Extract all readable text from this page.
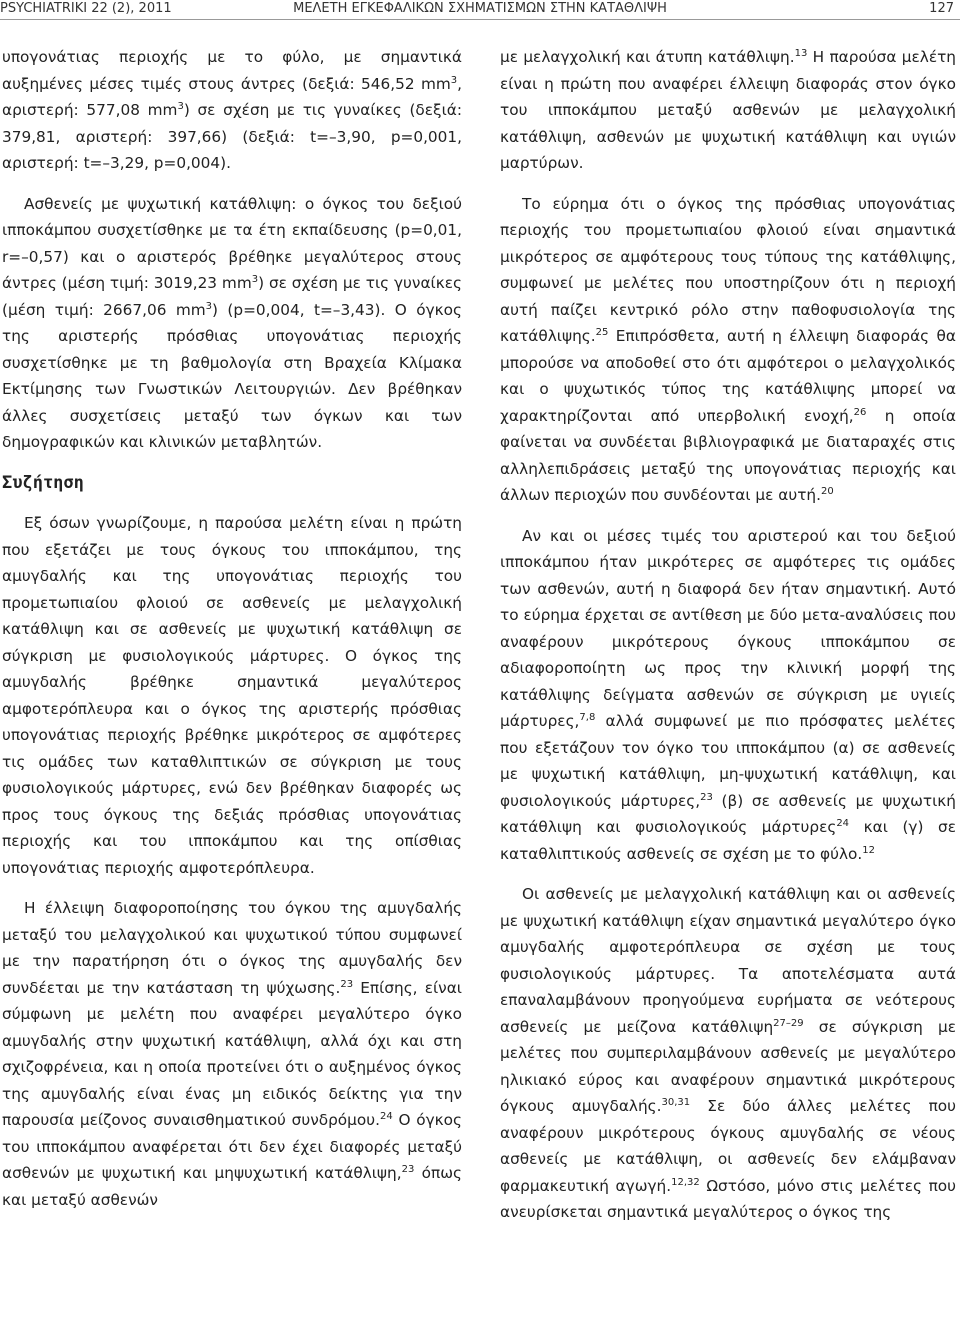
PSYCHIATRIKI 22 (2), 2011	ΜΕΛΕΤΗ ΕΓΚΕΦΑΛΙΚΩΝ ΣΧΗΜΑΤΙΣΜΩΝ ΣΤΗΝ ΚΑΤΑΘΛΙΨΗ	127

υπογονάτιας περιοχής με το φύλο, με σημαντικά αυξημένες μέσες τιμές στους άντρες (δεξιά: 546,52 $mm^3$, αριστερή: 577,08 $mm^3$) σε σχέση με τις γυναίκες (δεξιά: 379,81, αριστερή: 397,66) (δεξιά: t=–3,90, p=0,001, αριστερή: t=–3,29, p=0,004).

Ασθενείς με ψυχωτική κατάθλιψη: ο όγκος του δεξιού ιπποκάμπου συσχετίσθηκε με τα έτη εκπαίδευσης (p=0,01, r=–0,57) και ο αριστερός βρέθηκε μεγαλύτερος στους άντρες (μέση τιμή: 3019,23 $mm^3$) σε σχέση με τις γυναίκες (μέση τιμή: 2667,06 $mm^3$) (p=0,004, t=–3,43). Ο όγκος της αριστερής πρόσθιας υπογονάτιας περιοχής συσχετίσθηκε με τη βαθμολογία στη Βραχεία Κλίμακα Εκτίμησης των Γνωστικών Λειτουργιών. Δεν βρέθηκαν άλλες συσχετίσεις μεταξύ των όγκων και των δημογραφικών και κλινικών μεταβλητών.

Συζήτηση

Εξ όσων γνωρίζουμε, η παρούσα μελέτη είναι η πρώτη που εξετάζει με τους όγκους του ιπποκάμπου, της αμυγδαλής και της υπογονάτιας περιοχής του προμετωπιαίου φλοιού σε ασθενείς με μελαγχολική κατάθλιψη και σε ασθενείς με ψυχωτική κατάθλιψη σε σύγκριση με φυσιολογικούς μάρτυρες. Ο όγκος της αμυγδαλής βρέθηκε σημαντικά μεγαλύτερος αμφοτερόπλευρα και ο όγκος της αριστερής πρόσθιας υπογονάτιας περιοχής βρέθηκε μικρότερος σε αμφότερες τις ομάδες των καταθλιπτικών σε σύγκριση με τους φυσιολογικούς μάρτυρες, ενώ δεν βρέθηκαν διαφορές ως προς τους όγκους της δεξιάς πρόσθιας υπογονάτιας περιοχής και του ιπποκάμπου και της οπίσθιας υπογονάτιας περιοχής αμφοτερόπλευρα.

Η έλλειψη διαφοροποίησης του όγκου της αμυγδαλής μεταξύ του μελαγχολικού και ψυχωτικού τύπου συμφωνεί με την παρατήρηση ότι ο όγκος της αμυγδαλής δεν συνδέεται με την κατάσταση τη ψύχωσης.$^{23}$ Επίσης, είναι σύμφωνη με μελέτη που αναφέρει μεγαλύτερο όγκο αμυγδαλής στην ψυχωτική κατάθλιψη, αλλά όχι και στη σχιζοφρένεια, και η οποία προτείνει ότι ο αυξημένος όγκος της αμυγδαλής είναι ένας μη ειδικός δείκτης για την παρουσία μείζονος συναισθηματικού συνδρόμου.$^{24}$ Ο όγκος του ιπποκάμπου αναφέρεται ότι δεν έχει διαφορές μεταξύ ασθενών με ψυχωτική και μηψυχωτική κατάθλιψη,$^{23}$ όπως και μεταξύ ασθενών

με μελαγχολική και άτυπη κατάθλιψη.$^{13}$ Η παρούσα μελέτη είναι η πρώτη που αναφέρει έλλειψη διαφοράς στον όγκο του ιπποκάμπου μεταξύ ασθενών με μελαγχολική κατάθλιψη, ασθενών με ψυχωτική κατάθλιψη και υγιών μαρτύρων.

Το εύρημα ότι ο όγκος της πρόσθιας υπογονάτιας περιοχής του προμετωπιαίου φλοιού είναι σημαντικά μικρότερος σε αμφότερους τους τύπους της κατάθλιψης, συμφωνεί με μελέτες που υποστηρίζουν ότι η περιοχή αυτή παίζει κεντρικό ρόλο στην παθοφυσιολογία της κατάθλιψης.$^{25}$ Επιπρόσθετα, αυτή η έλλειψη διαφοράς θα μπορούσε να αποδοθεί στο ότι αμφότεροι ο μελαγχολικός και ο ψυχωτικός τύπος της κατάθλιψης μπορεί να χαρακτηρίζονται από υπερβολική ενοχή,$^{26}$ η οποία φαίνεται να συνδέεται βιβλιογραφικά με διαταραχές στις αλληλεπιδράσεις μεταξύ της υπογονάτιας περιοχής και άλλων περιοχών που συνδέονται με αυτή.$^{20}$

Αν και οι μέσες τιμές του αριστερού και του δεξιού ιπποκάμπου ήταν μικρότερες σε αμφότερες τις ομάδες των ασθενών, αυτή η διαφορά δεν ήταν σημαντική. Αυτό το εύρημα έρχεται σε αντίθεση με δύο μετα-αναλύσεις που αναφέρουν μικρότερους όγκους ιπποκάμπου σε αδιαφοροποίητη ως προς την κλινική μορφή της κατάθλιψης δείγματα ασθενών σε σύγκριση με υγιείς μάρτυρες,$^{7,8}$ αλλά συμφωνεί με πιο πρόσφατες μελέτες που εξετάζουν τον όγκο του ιπποκάμπου (α) σε ασθενείς με ψυχωτική κατάθλιψη, μη-ψυχωτική κατάθλιψη, και φυσιολογικούς μάρτυρες,$^{23}$ (β) σε ασθενείς με ψυχωτική κατάθλιψη και φυσιολογικούς μάρτυρες$^{24}$ και (γ) σε καταθλιπτικούς ασθενείς σε σχέση με το φύλο.$^{12}$

Οι ασθενείς με μελαγχολική κατάθλιψη και οι ασθενείς με ψυχωτική κατάθλιψη είχαν σημαντικά μεγαλύτερο όγκο αμυγδαλής αμφοτερόπλευρα σε σχέση με τους φυσιολογικούς μάρτυρες. Τα αποτελέσματα αυτά επαναλαμβάνουν προηγούμενα ευρήματα σε νεότερους ασθενείς με μείζονα κατάθλιψη$^{27-29}$ σε σύγκριση με μελέτες που συμπεριλαμβάνουν ασθενείς με μεγαλύτερο ηλικιακό εύρος και αναφέρουν σημαντικά μικρότερους όγκους αμυγδαλής.$^{30,31}$ Σε δύο άλλες μελέτες που αναφέρουν μικρότερους όγκους αμυγδαλής σε νέους ασθενείς με κατάθλιψη, οι ασθενείς δεν ελάμβαναν φαρμακευτική αγωγή.$^{12,32}$ Ωστόσο, μόνο στις μελέτες που ανευρίσκεται σημαντικά μεγαλύτερος ο όγκος της
